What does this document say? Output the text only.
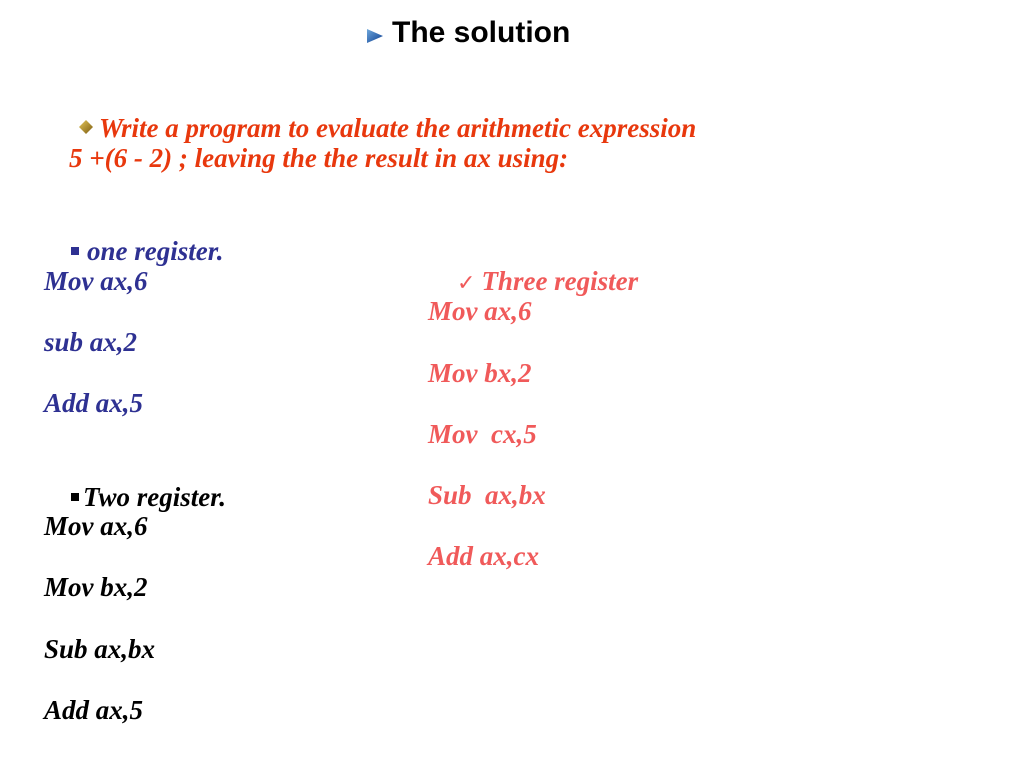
The solution

Write a program to evaluate the arithmetic expression

5 +(6 - 2) ; leaving the the result in ax using:

one register.

Mov ax,6
sub ax,2
Add ax,5

Two register.

Mov ax,6
Mov bx,2
Sub ax,bx
Add ax,5

✓ Three register

Mov ax,6
Mov bx,2
Mov  cx,5
Sub  ax,bx
Add ax,cx
